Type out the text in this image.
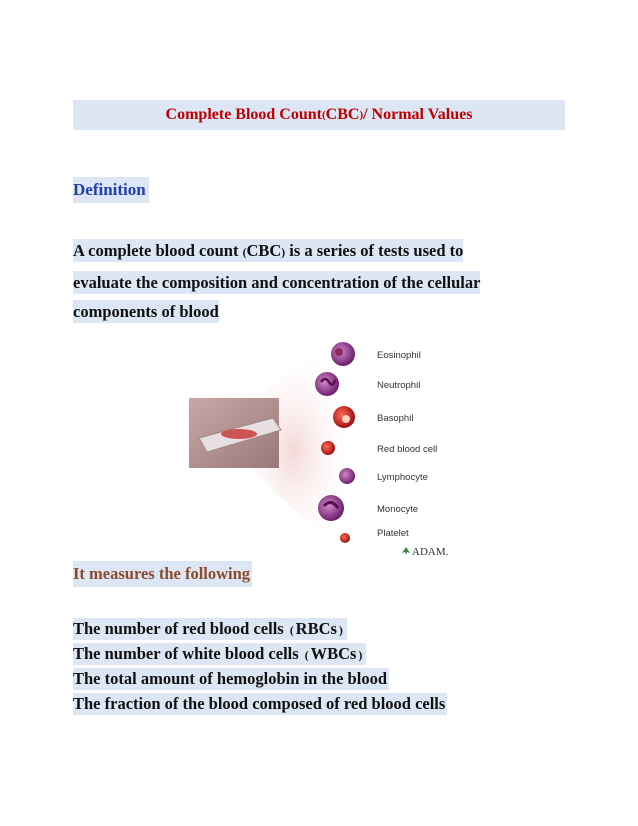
Complete Blood Count ( CBC ) / Normal Values
Definition
A complete blood count (CBC) is a series of tests used to
evaluate the composition and concentration of the cellular
components of blood
Eosinophil
Neutrophil
Basophil
Red blood cell
Lymphocyte
Monocyte
Platelet
ADAM.
It measures the following
The number of red blood cells ( RBCs )
The number of white blood cells ( WBCs )
The total amount of hemoglobin in the blood
The fraction of the blood composed of red blood cells
